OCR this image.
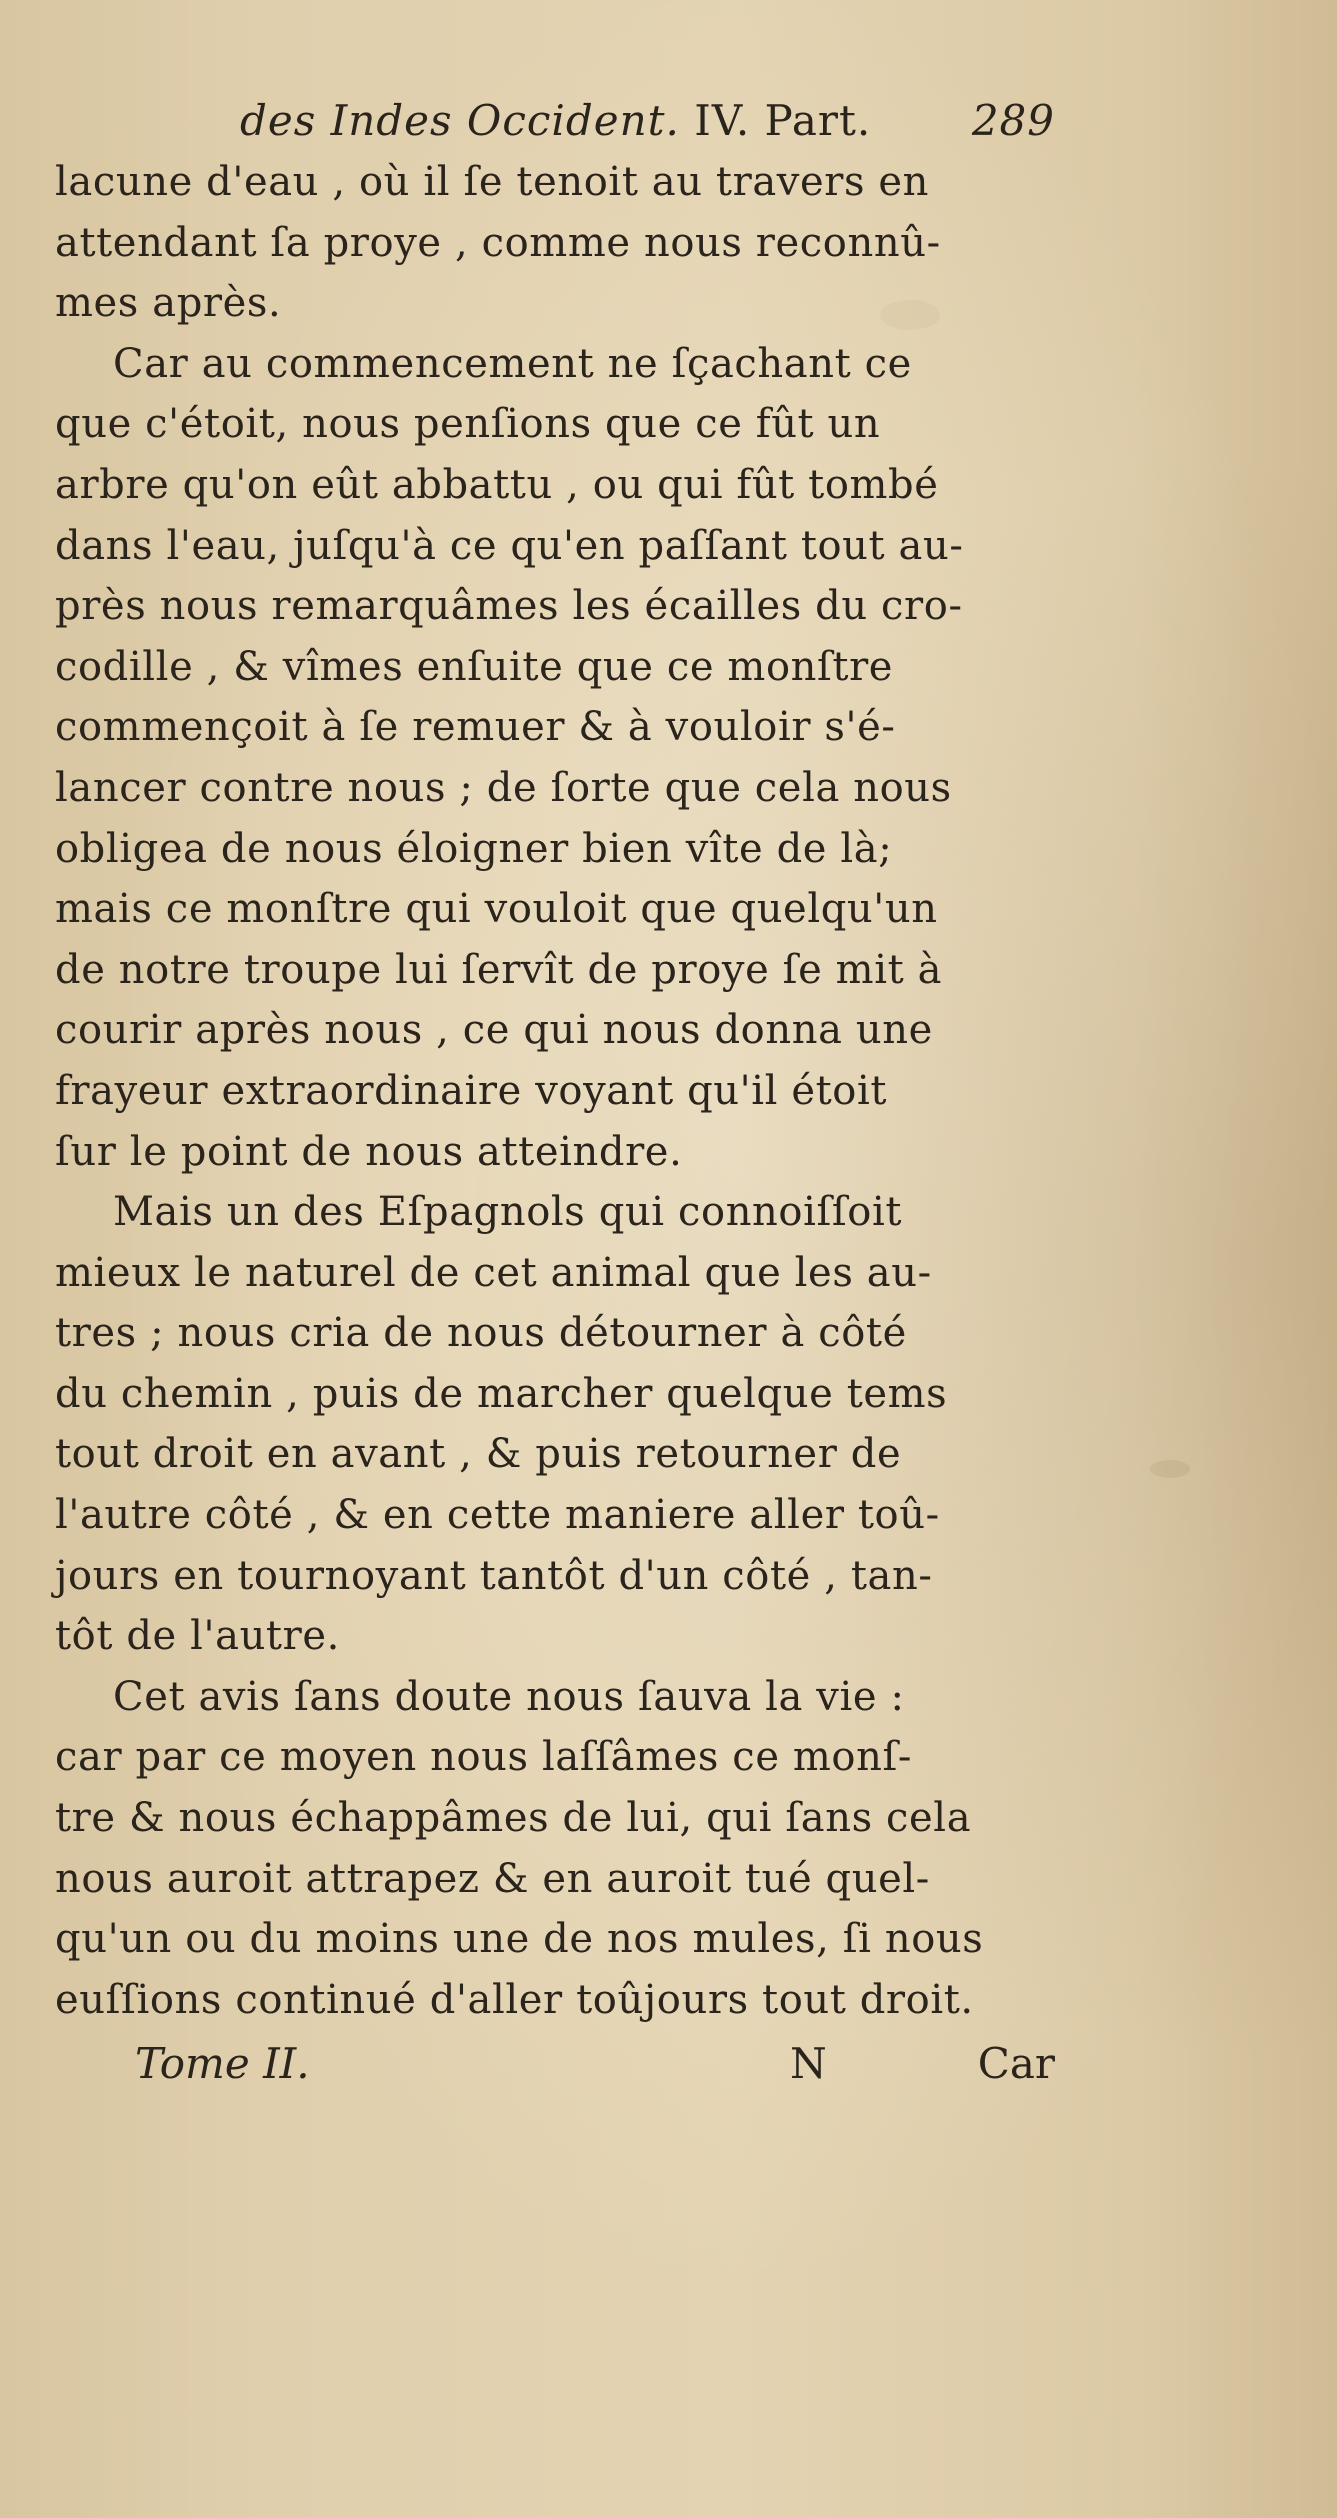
des Indes Occident. IV. Part. 289
lacune d'eau , où il ſe tenoit au travers en
attendant ſa proye , comme nous reconnû-
mes après.
Car au commencement ne ſçachant ce
que c'étoit, nous penſions que ce fût un
arbre qu'on eût abbattu , ou qui fût tombé
dans l'eau, juſqu'à ce qu'en paſſant tout au-
près nous remarquâmes les écailles du cro-
codille , & vîmes enſuite que ce monſtre
commençoit à ſe remuer & à vouloir s'é-
lancer contre nous ; de ſorte que cela nous
obligea de nous éloigner bien vîte de là;
mais ce monſtre qui vouloit que quelqu'un
de notre troupe lui ſervît de proye ſe mit à
courir après nous , ce qui nous donna une
frayeur extraordinaire voyant qu'il étoit
ſur le point de nous atteindre.
Mais un des Eſpagnols qui connoiſſoit
mieux le naturel de cet animal que les au-
tres ; nous cria de nous détourner à côté
du chemin , puis de marcher quelque tems
tout droit en avant , & puis retourner de
l'autre côté , & en cette maniere aller toû-
jours en tournoyant tantôt d'un côté , tan-
tôt de l'autre.
Cet avis ſans doute nous ſauva la vie :
car par ce moyen nous laſſâmes ce monſ-
tre & nous échappâmes de lui, qui ſans cela
nous auroit attrapez & en auroit tué quel-
qu'un ou du moins une de nos mules, ſi nous
euſſions continué d'aller toûjours tout droit.
Tome II.	N	Car
